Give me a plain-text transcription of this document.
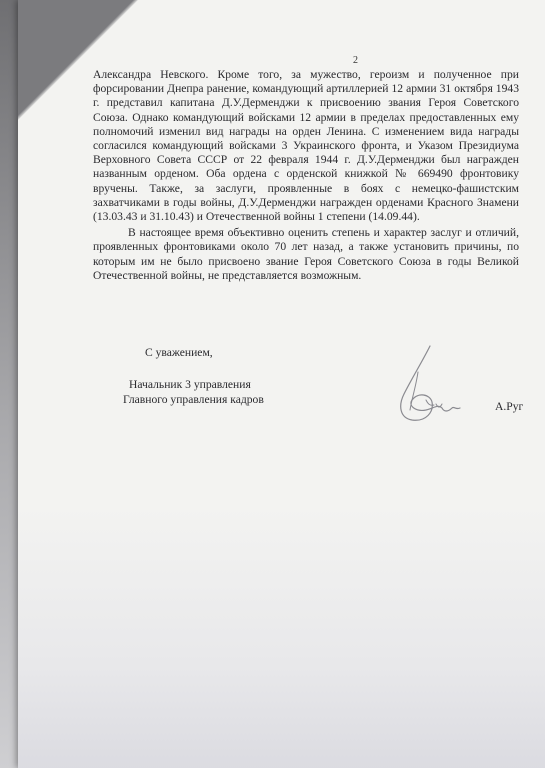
2

Александра Невского. Кроме того, за мужество, героизм и полученное при форсировании Днепра ранение, командующий артиллерией 12 армии 31 октября 1943 г. представил капитана Д.У.Дерменджи к присвоению звания Героя Советского Союза. Однако командующий войсками 12 армии в пределах предоставленных ему полномочий изменил вид награды на орден Ленина. С изменением вида награды согласился командующий войсками 3 Украинского фронта, и Указом Президиума Верховного Совета СССР от 22 февраля 1944 г. Д.У.Дерменджи был награжден названным орденом. Оба ордена с орденской книжкой № 669490 фронтовику вручены. Также, за заслуги, проявленные в боях с немецко-фашистским захватчиками в годы войны, Д.У.Дерменджи награжден орденами Красного Знамени (13.03.43 и 31.10.43) и Отечественной войны 1 степени (14.09.44).

В настоящее время объективно оценить степень и характер заслуг и отличий, проявленных фронтовиками около 70 лет назад, а также установить причины, по которым им не было присвоено звание Героя Советского Союза в годы Великой Отечественной войны, не представляется возможным.

С уважением,
Начальник 3 управления
Главного управления кадров
А.Руг
